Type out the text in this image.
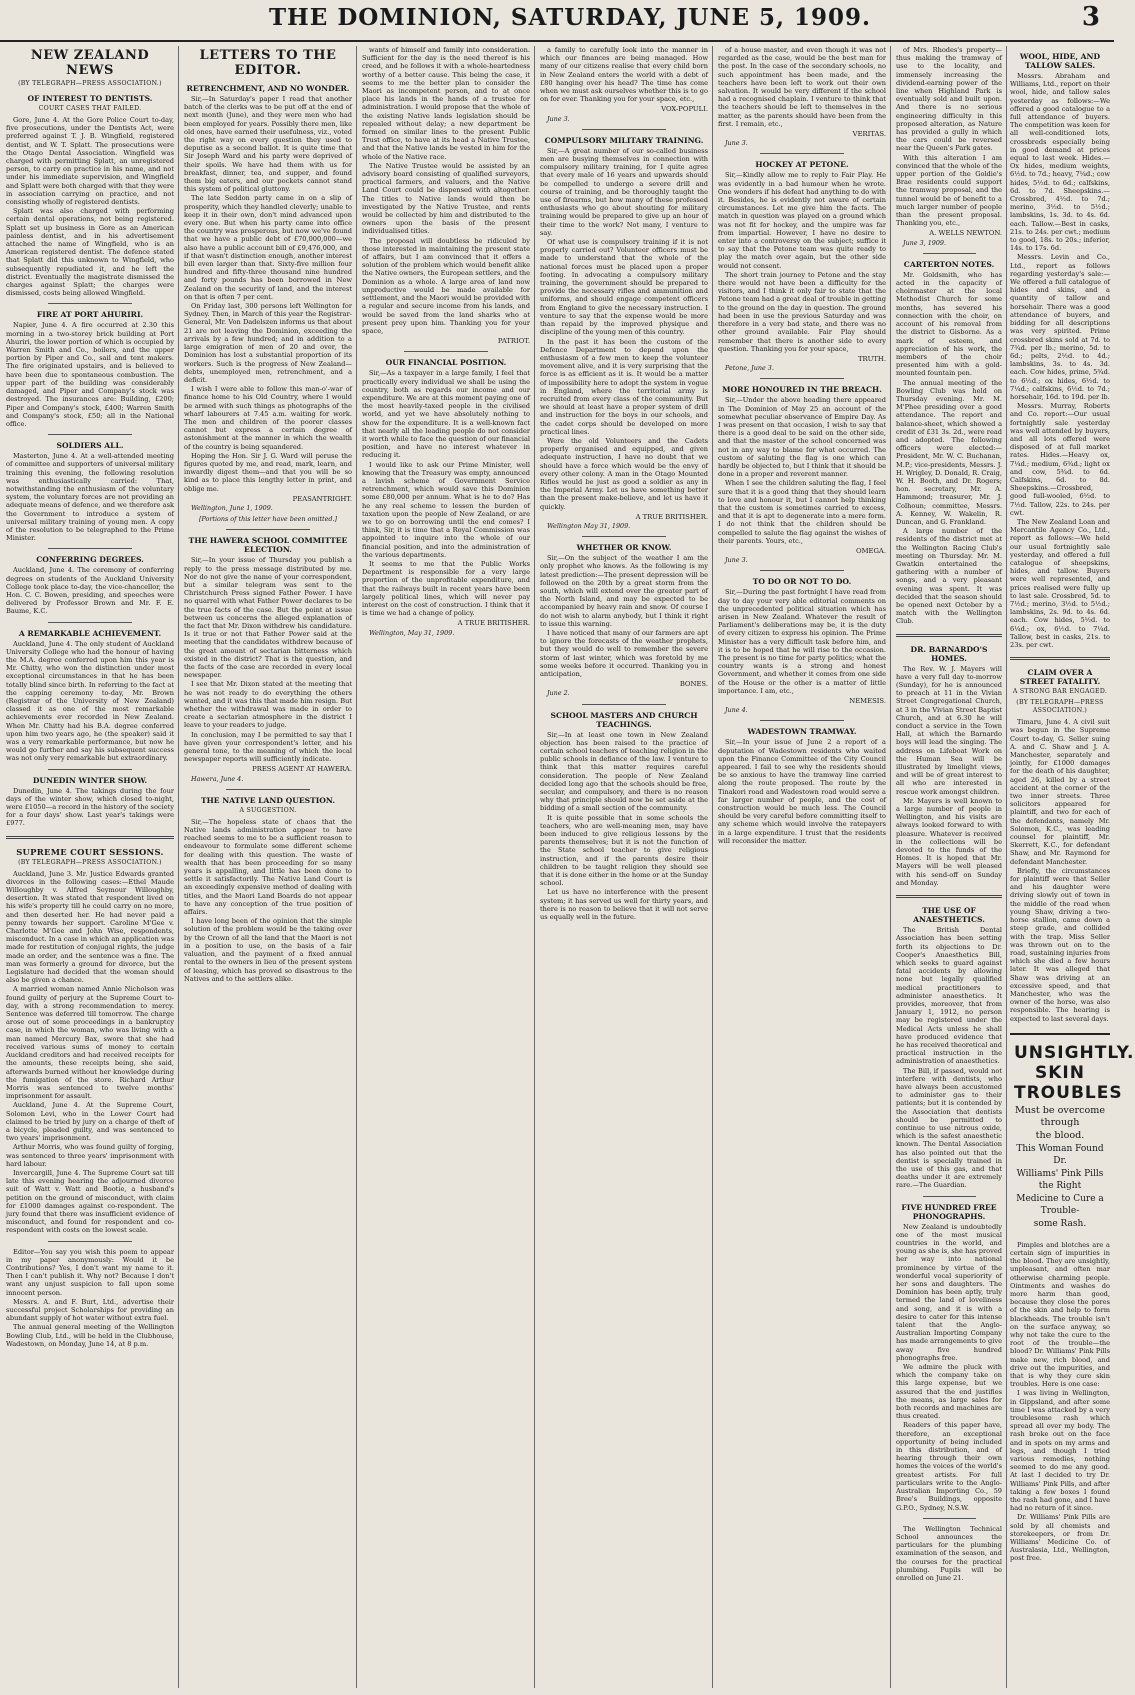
THE DOMINION, SATURDAY, JUNE 5, 1909.	3
NEW ZEALAND NEWS
(BY TELEGRAPH—PRESS ASSOCIATION.)
OF INTEREST TO DENTISTS.
COURT CASES THAT FAILED.

Gore, June 4. At the Gore Police Court to-day, five prosecutions, under the Dentists Act, were preferred against T. J. B. Wingfield, registered dentist, and W. T. Splatt. The prosecutions were the Otago Dental Association. Wingfield was charged with permitting Splatt, an unregistered person, to carry on practice in his name, and not under his immediate supervision, and Wingfield and Splatt were both charged with that they were in association carrying on practice, and not consisting wholly of registered dentists.

Splatt was also charged with performing certain dental operations, not being registered. Splatt set up business in Gore as an American painless dentist, and in his advertisement attached the name of Wingfield, who is an American registered dentist. The defence stated that Splatt did this unknown to Wingfield, who subsequently repudiated it, and he left the district. Eventually the magistrate dismissed the charges against Splatt; the charges were dismissed, costs being allowed Wingfield.

FIRE AT PORT AHURIRI.

Napier, June 4. A fire occurred at 2.30 this morning in a two-storey brick building at Port Ahuriri, the lower portion of which is occupied by Warren Smith and Co., boilers, and the upper portion by Piper and Co., sail and tent makers. The fire originated upstairs, and is believed to have been due to spontaneous combustion. The upper part of the building was considerably damaged, and Piper and Company's stock was destroyed. The insurances are: Building, £200; Piper and Company's stock, £400; Warren Smith and Company's stock, £50; all in the National office.

SOLDIERS ALL.

Masterton, June 4. At a well-attended meeting of committee and supporters of universal military training this evening, the following resolution was enthusiastically carried: That, notwithstanding the enthusiasm of the voluntary system, the voluntary forces are not providing an adequate means of defence, and we therefore ask the Government to introduce a system of universal military training of young men. A copy of the resolution to be telegraphed to the Prime Minister.

CONFERRING DEGREES.

Auckland, June 4. The ceremony of conferring degrees on students of the Auckland University College took place to-day, the vice-chancellor, the Hon. C. C. Bowen, presiding, and speeches were delivered by Professor Brown and Mr. F. E. Baume, K.C.

A REMARKABLE ACHIEVEMENT.

Auckland, June 4. The only student of Auckland University College who had the honour of having the M.A. degree conferred upon him this year is Mr. Chitty, who won the distinction under most exceptional circumstances in that he has been totally blind since birth. In referring to the fact at the capping ceremony to-day, Mr. Brown (Registrar of the University of New Zealand) classed it as one of the most remarkable achievements ever recorded in New Zealand. When Mr. Chitty had his B.A. degree conferred upon him two years ago, he (the speaker) said it was a very remarkable performance, but now he would go further and say his subsequent success was not only very remarkable but extraordinary.

DUNEDIN WINTER SHOW.

Dunedin, June 4. The takings during the four days of the winter show, which closed to-night, were £1050—a record in the history of the society for a four days' show. Last year's takings were £977.

SUPREME COURT SESSIONS.
(BY TELEGRAPH—PRESS ASSOCIATION.)

Auckland, June 3. Mr. Justice Edwards granted divorces in the following cases:—Ethel Maude Willoughby v. Alfred Seymour Willoughby, desertion. It was stated that respondent lived on his wife's property till he could carry on no more, and then deserted her. He had never paid a penny towards her support. Caroline M'Gee v. Charlotte M'Gee and John Wise, respondents, misconduct. In a case in which an application was made for restitution of conjugal rights, the judge made an order, and the sentence was a fine. The man was formerly a ground for divorce, but the Legislature had decided that the woman should also be given a chance.

A married woman named Annie Nicholson was found guilty of perjury at the Supreme Court to-day, with a strong recommendation to mercy. Sentence was deferred till tomorrow. The charge arose out of some proceedings in a bankruptcy case, in which the woman, who was living with a man named Mercury Bax, swore that she had received various sums of money to certain Auckland creditors and had received receipts for the amounts, these receipts being, she said, afterwards burned without her knowledge during the fumigation of the store. Richard Arthur Morris was sentenced to twelve months' imprisonment for assault.

Auckland, June 4. At the Supreme Court, Solomon Levi, who in the Lower Court had claimed to be tried by jury on a charge of theft of a bicycle, pleaded guilty, and was sentenced to two years' imprisonment.

Arthur Morris, who was found guilty of forging, was sentenced to three years' imprisonment with hard labour.

Invercargill, June 4. The Supreme Court sat till late this evening hearing the adjourned divorce suit of Watt v. Watt and Bootie, a husband's petition on the ground of misconduct, with claim for £1000 damages against co-respondent. The jury found that there was insufficient evidence of misconduct, and found for respondent and co-respondent with costs on the lowest scale.

Editor—You say you wish this poem to appear in my paper anonymously: Would it be Contributions? Yes, I don't want my name to it. Then I can't publish it. Why not? Because I don't want any unjust suspicion to fall upon some innocent person.

Messrs. A. and F. Burt, Ltd., advertise their successful project Scholarships for providing an abundant supply of hot water without extra fuel.

The annual general meeting of the Wellington Bowling Club, Ltd., will be held in the Clubhouse, Wadestown, on Monday, June 14, at 8 p.m.

LETTERS TO THE EDITOR.
RETRENCHMENT, AND NO WONDER.

Sir,—In Saturday's paper I read that another batch of the clerks was to be put off at the end of next month (June), and they were men who had been employed for years. Possibly there men, like old ones, have earned their usefulness, viz., voted the right way on every question they used to deputise as a second ballot. It is quite time that Sir Joseph Ward and his party were deprived of their spoils. We have had them with us for breakfast, dinner, tea, and supper, and found them big eaters, and our pockets cannot stand this system of political gluttony.

The late Seddon party came in on a slip of prosperity, which they handled cleverly; unable to keep it in their own, don't mind advanced upon every one. But when his party came into office the country was prosperous, but now we've found that we have a public debt of £70,000,000—we also have a public account bill of £9,476,000, and if that wasn't distinction enough, another interest bill even larger than that. Sixty-five million four hundred and fifty-three thousand nine hundred and forty pounds has been borrowed in New Zealand on the security of land, and the interest on that is often 7 per cent.

On Friday last, 300 persons left Wellington for Sydney. Then, in March of this year the Registrar-General, Mr. Von Dadelszen informs us that about 21 are not leaving the Dominion, exceeding the arrivals by a few hundred; and in addition to a large emigration of men of 20 and over, the Dominion has lost a substantial proportion of its workers. Such is the progress of New Zealand—debts, unemployed men, retrenchment, and a deficit.

I wish I were able to follow this man-o'-war of finance home to his Old Country, where I would be armed with such things as photographs of the wharf labourers at 7.45 a.m. waiting for work. The men and children of the poorer classes cannot but express a certain degree of astonishment at the manner in which the wealth of the country is being squandered.

Hoping the Hon. Sir J. G. Ward will peruse the figures quoted by me, and read, mark, learn, and inwardly digest them—and that you will be so kind as to place this lengthy letter in print, and oblige me.

PEASANTRIGHT.
Wellington, June 1, 1909.
[Portions of this letter have been omitted.]
THE HAWERA SCHOOL COMMITTEE ELECTION.

Sir,—In your issue of Thursday you publish a reply to the press message distributed by me. Nor do not give the name of your correspondent, but a similar telegram was sent to the Christchurch Press signed Father Power. I have no quarrel with what Father Power declares to be the true facts of the case. But the point at issue between us concerns the alleged explanation of the fact that Mr. Dixon withdrew his candidature. Is it true or not that Father Power said at the meeting that the candidates withdrew because of the great amount of sectarian bitterness which existed in the district? That is the question, and the facts of the case are recorded in every local newspaper.

I see that Mr. Dixon stated at the meeting that he was not ready to do everything the others wanted, and it was this that made him resign. But whether the withdrawal was made in order to create a sectarian atmosphere in the district I leave to your readers to judge.

In conclusion, may I be permitted to say that I have given your correspondent's letter, and his general tone, to the meaning of which the local newspaper reports will sufficiently indicate.

PRESS AGENT AT HAWERA.
Hawera, June 4.
THE NATIVE LAND QUESTION.
A SUGGESTION.

Sir,—The hopeless state of chaos that the Native lands administration appear to have reached seems to me to be a sufficient reason to endeavour to formulate some different scheme for dealing with this question. The waste of wealth that has been proceeding for so many years is appalling, and little has been done to settle it satisfactorily. The Native Land Court is an exceedingly expensive method of dealing with titles, and the Maori Land Boards do not appear to have any conception of the true position of affairs.

I have long been of the opinion that the simple solution of the problem would be the taking over by the Crown of all the land that the Maori is not in a position to use, on the basis of a fair valuation, and the payment of a fixed annual rental to the owners in lieu of the present system of leasing, which has proved so disastrous to the Natives and to the settlers alike.

wants of himself and family into consideration. Sufficient for the day is the need thereof is his creed, and he follows it with a whole-heartedness worthy of a better cause. This being the case, it seems to me the better plan to consider the Maori as incompetent person, and to at once place his lands in the hands of a trustee for administration. I would propose that the whole of the existing Native lands legislation should be repealed without delay; a new department be formed on similar lines to the present Public Trust office, to have at its head a Native Trustee, and that the Native lands be vested in him for the whole of the Native race.

The Native Trustee would be assisted by an advisory board consisting of qualified surveyors, practical farmers, and valuers, and the Native Land Court could be dispensed with altogether. The titles to Native lands would then be investigated by the Native Trustee, and rents would be collected by him and distributed to the owners upon the basis of the present individualised titles.

The proposal will doubtless be ridiculed by those interested in maintaining the present state of affairs, but I am convinced that it offers a solution of the problem which would benefit alike the Native owners, the European settlers, and the Dominion as a whole. A large area of land now unproductive would be made available for settlement, and the Maori would be provided with a regular and secure income from his lands, and would be saved from the land sharks who at present prey upon him. Thanking you for your space,

PATRIOT.
OUR FINANCIAL POSITION.

Sir,—As a taxpayer in a large family, I feel that practically every individual we shall be using the country, both as regards our income and our expenditure. We are at this moment paying one of the most heavily-taxed people in the civilised world, and yet we have absolutely nothing to show for the expenditure. It is a well-known fact that nearly all the leading people do not consider it worth while to face the question of our financial position, and have no interest whatever in reducing it.

I would like to ask our Prime Minister, well knowing that the Treasury was empty, announced a lavish scheme of Government Service retrenchment, which would save this Dominion some £80,000 per annum. What is he to do? Has he any real scheme to lessen the burden of taxation upon the people of New Zealand, or are we to go on borrowing until the end comes? I think, Sir, it is time that a Royal Commission was appointed to inquire into the whole of our financial position, and into the administration of the various departments.

It seems to me that the Public Works Department is responsible for a very large proportion of the unprofitable expenditure, and that the railways built in recent years have been largely political lines, which will never pay interest on the cost of construction. I think that it is time we had a change of policy.

A TRUE BRITISHER.
Wellington, May 31, 1909.

a family to carefully look into the manner in which our finances are being managed. How many of our citizens realise that every child born in New Zealand enters the world with a debt of £80 hanging over his head? The time has come when we must ask ourselves whether this is to go on for ever. Thanking you for your space, etc.,

VOX-POPULI.
June 3.
COMPULSORY MILITARY TRAINING.

Sir,—A great number of our so-called business men are busying themselves in connection with compulsory military training, for I quite agree that every male of 16 years and upwards should be compelled to undergo a severe drill and course of training, and be thoroughly taught the use of firearms, but how many of these professed enthusiasts who go about shouting for military training would be prepared to give up an hour of their time to the work? Not many, I venture to say.

Of what use is compulsory training if it is not properly carried out? Volunteer officers must be made to understand that the whole of the national forces must be placed upon a proper footing. In advocating a compulsory military training, the government should be prepared to provide the necessary rifles and ammunition and uniforms, and should engage competent officers from England to give the necessary instruction. I venture to say that the expense would be more than repaid by the improved physique and discipline of the young men of this country.

In the past it has been the custom of the Defence Department to depend upon the enthusiasm of a few men to keep the volunteer movement alive, and it is very surprising that the force is as efficient as it is. It would be a matter of impossibility here to adopt the system in vogue in England, where the territorial army is recruited from every class of the community. But we should at least have a proper system of drill and instruction for the boys in our schools, and the cadet corps should be developed on more practical lines.

Were the old Volunteers and the Cadets properly organised and equipped, and given adequate instruction, I have no doubt that we should have a force which would be the envy of every other colony. A man in the Otago Mounted Rifles would be just as good a soldier as any in the Imperial Army. Let us have something better than the present make-believe, and let us have it quickly.

A TRUE BRITISHER.
Wellington May 31, 1909.
WHETHER OR KNOW.

Sir,—On the subject of the weather I am the only prophet who knows. As the following is my latest prediction:—The present depression will be followed on the 20th by a great storm from the south, which will extend over the greater part of the North Island, and may be expected to be accompanied by heavy rain and snow. Of course I do not wish to alarm anybody, but I think it right to issue this warning.

I have noticed that many of our farmers are apt to ignore the forecasts of the weather prophets, but they would do well to remember the severe storm of last winter, which was foretold by me some weeks before it occurred. Thanking you in anticipation,

BONES.
June 2.
SCHOOL MASTERS AND CHURCH TEACHINGS.

Sir,—In at least one town in New Zealand objection has been raised to the practice of certain school teachers of teaching religion in the public schools in defiance of the law. I venture to think that this matter requires careful consideration. The people of New Zealand decided long ago that the schools should be free, secular, and compulsory, and there is no reason why that principle should now be set aside at the bidding of a small section of the community.

It is quite possible that in some schools the teachers, who are well-meaning men, may have been induced to give religious lessons by the parents themselves; but it is not the function of the State school teacher to give religious instruction, and if the parents desire their children to be taught religion they should see that it is done either in the home or at the Sunday school.

Let us have no interference with the present system; it has served us well for thirty years, and there is no reason to believe that it will not serve us equally well in the future.

of a house master, and even though it was not regarded as the case, would be the best man for the post. In the case of the secondary schools, no such appointment has been made, and the teachers have been left to work out their own salvation. It would be very different if the school had a recognised chaplain. I venture to think that the teachers should be left to themselves in the matter, as the parents should have been from the first. I remain, etc.,

VERITAS.
June 3.
HOCKEY AT PETONE.

Sir,—Kindly allow me to reply to Fair Play. He was evidently in a bad humour when he wrote. One wonders if his defeat had anything to do with it. Besides, he is evidently not aware of certain circumstances. Let me give him the facts. The match in question was played on a ground which was not fit for hockey, and the umpire was far from impartial. However, I have no desire to enter into a controversy on the subject; suffice it to say that the Petone team was quite ready to play the match over again, but the other side would not consent.

The short train journey to Petone and the stay there would not have been a difficulty for the visitors, and I think it only fair to state that the Petone team had a great deal of trouble in getting to the ground on the day in question. The ground had been in use the previous Saturday and was therefore in a very bad state, and there was no other ground available. Fair Play should remember that there is another side to every question. Thanking you for your space,

TRUTH.
Petone, June 3.
MORE HONOURED IN THE BREACH.

Sir,—Under the above heading there appeared in The Dominion of May 25 an account of the somewhat peculiar observance of Empire Day. As I was present on that occasion, I wish to say that there is a good deal to be said on the other side, and that the master of the school concerned was not in any way to blame for what occurred. The custom of saluting the flag is one which can hardly be objected to, but I think that it should be done in a proper and reverent manner.

When I see the children saluting the flag, I feel sure that it is a good thing that they should learn to love and honour it, but I cannot help thinking that the custom is sometimes carried to excess, and that it is apt to degenerate into a mere form. I do not think that the children should be compelled to salute the flag against the wishes of their parents. Yours, etc.,

OMEGA.
June 3.
TO DO OR NOT TO DO.

Sir,—During the past fortnight I have read from day to day your very able editorial comments on the unprecedented political situation which has arisen in New Zealand. Whatever the result of Parliament's deliberations may be, it is the duty of every citizen to express his opinion. The Prime Minister has a very difficult task before him, and it is to be hoped that he will rise to the occasion. The present is no time for party politics; what the country wants is a strong and honest Government, and whether it comes from one side of the House or the other is a matter of little importance. I am, etc.,

NEMESIS.
June 4.
WADESTOWN TRAMWAY.

Sir,—In your issue of June 2 a report of a deputation of Wadestown residents who waited upon the Finance Committee of the City Council appeared. I fail to see why the residents should be so anxious to have the tramway line carried along the route proposed. The route by the Tinakori road and Wadestown road would serve a far larger number of people, and the cost of construction would be much less. The Council should be very careful before committing itself to any scheme which would involve the ratepayers in a large expenditure. I trust that the residents will reconsider the matter.

of Mrs. Rhodes's property—thus making the tramway of use to the locality, and immensely increasing the dividend-earning power of the line when Highland Park is eventually sold and built upon. And there is no serious engineering difficulty in this proposed alteration, as Nature has provided a gully in which the cars could be reversed near the Queen's Park gates.

With this alteration I am convinced that the whole of the upper portion of the Goldie's Brae residents could support the tramway proposal, and the tunnel would be of benefit to a much larger number of people than the present proposal. Thanking you, etc.,

A. WELLS NEWTON.
June 3, 1909.
CARTERTON NOTES.

Mr. Goldsmith, who has acted in the capacity of choirmaster at the local Methodist Church for some months, has severed his connection with the choir, on account of his removal from the district to Gisborne. As a mark of esteem, and appreciation of his work, the members of the choir presented him with a gold-mounted fountain pen.

The annual meeting of the Bowling Club was held on Thursday evening. Mr. M. M'Phee presiding over a good attendance. The report and balance-sheet, which showed a credit of £31 3s. 2d., were read and adopted. The following officers were elected:—President, Mr. W. C. Buchanan, M.P.; vice-presidents, Messrs. J. H. Wrigley, D. Donald, R. Craig, W. H. Booth, and Dr. Rogers; hon. secretary, Mr. A. Hammond; treasurer, Mr. J. Colhoun; committee, Messrs. A. Kenney, W. Wakelin, R. Duncan, and G. Frankland.

A large number of the residents of the district met at the Wellington Racing Club's meeting on Thursday. Mr. M. Gwatkin entertained the gathering with a number of songs, and a very pleasant evening was spent. It was decided that the season should be opened next October by a match with the Wellington Club.

DR. BARNARDO'S HOMES.

The Rev. W. J. Mayers will have a very full day to-morrow (Sunday), for he is announced to preach at 11 in the Vivian Street Congregational Church, at 3 in the Vivian Street Baptist Church, and at 6.30 he will conduct a service in the Town Hall, at which the Barnardo boys will lead the singing. The address on Lifeboat Work on the Human Sea will be illustrated by limelight views, and will be of great interest to all who are interested in rescue work amongst children.

Mr. Mayers is well known to a large number of people in Wellington, and his visits are always looked forward to with pleasure. Whatever is received in the collections will be devoted to the funds of the Homes. It is hoped that Mr. Mayers will be well pleased with his send-off on Sunday and Monday.

THE USE OF ANAESTHETICS.

The British Dental Association has been setting forth its objections to Dr. Cooper's Anaesthetics Bill, which seeks to guard against fatal accidents by allowing none but legally qualified medical practitioners to administer anaesthetics. It provides, moreover, that from January 1, 1912, no person may be registered under the Medical Acts unless he shall have produced evidence that he has received theoretical and practical instruction in the administration of anaesthetics.

The Bill, if passed, would not interfere with dentists, who have always been accustomed to administer gas to their patients; but it is contended by the Association that dentists should be permitted to continue to use nitrous oxide, which is the safest anaesthetic known. The Dental Association has also pointed out that the dentist is specially trained in the use of this gas, and that deaths under it are extremely rare.—The Guardian.

FIVE HUNDRED FREE PHONOGRAPHS.

New Zealand is undoubtedly one of the most musical countries in the world, and young as she is, she has proved her way into national prominence by virtue of the wonderful vocal superiority of her sons and daughters. The Dominion has been aptly, truly termed the land of loveliness and song, and it is with a desire to cater for this intense talent that the Anglo-Australian Importing Company has made arrangements to give away five hundred phonographs free.

We admire the pluck with which the company take on this large expense, but we assured that the end justifies the means, as large sales for both records and machines are thus created.

Readers of this paper have, therefore, an exceptional opportunity of being included in this distribution, and of hearing through their own homes the voices of the world's greatest artists. For full particulars write to the Anglo-Australian Importing Co., 59 Bree's Buildings, opposite G.P.O., Sydney, N.S.W.

The Wellington Technical School announces the particulars for the plumbing examination of the season, and the courses for the practical plumbing. Pupils will be enrolled on June 21.

WOOL, HIDE, AND TALLOW SALES.

Messrs. Abraham and Williams, Ltd., report on their wool, hide, and tallow sales yesterday as follows:—We offered a good catalogue to a full attendance of buyers. The competition was keen for all well-conditioned lots, crossbreds especially being in good demand at prices equal to last week. Hides.—Ox hides, medium weights, 6½d. to 7d.; heavy, 7¼d.; cow hides, 5½d. to 6d.; calfskins, 6d. to 7d. Sheepskins.—Crossbred, 4½d. to 7d.; merino, 3½d. to 5½d.; lambskins, 1s. 3d. to 4s. 6d. each. Tallow.—Best in casks, 21s. to 24s. per cwt.; medium to good, 18s. to 20s.; inferior, 14s. to 17s. 6d.

Messrs. Levin and Co., Ltd., report as follows regarding yesterday's sale:—We offered a full catalogue of hides and skins, and a quantity of tallow and horsehair. There was a good attendance of buyers, and bidding for all descriptions was very spirited. Prime crossbred skins sold at 7d. to 7¾d. per lb.; merino, 5d. to 6d.; pelts, 2½d. to 4d.; lambskins, 3s. to 4s. 3d. each. Cow hides, prime, 5¾d. to 6½d.; ox hides, 6½d. to 7¼d.; calfskins, 6½d. to 7d.; horsehair, 16d. to 19d. per lb.

Messrs. Murray, Roberts and Co. report:—Our usual fortnightly sale yesterday was well attended by buyers, and all lots offered were disposed of at full market rates. Hides.—Heavy ox, 7¼d.; medium, 6¾d.; light ox and cow, 5¾d. to 6d. Calfskins, 6d. to 8d. Sheepskins.—Crossbred, good full-wooled, 6½d. to 7½d. Tallow, 22s. to 24s. per cwt.

The New Zealand Loan and Mercantile Agency Co., Ltd., report as follows:—We held our usual fortnightly sale yesterday, and offered a full catalogue of sheepskins, hides, and tallow. Buyers were well represented, and prices realised were fully up to last sale. Crossbred, 5d. to 7½d.; merino, 3½d. to 5½d.; lambskins, 2s. 9d. to 4s. 6d. each. Cow hides, 5½d. to 6¼d.; ox, 6½d. to 7¼d. Tallow, best in casks, 21s. to 23s. per cwt.

CLAIM OVER A STREET FATALITY.
A STRONG BAR ENGAGED.
(BY TELEGRAPH—PRESS ASSOCIATION.)

Timaru, June 4. A civil suit was begun in the Supreme Court to-day, G. Seller suing A. and C. Shaw and J. A. Manchester, separately and jointly, for £1000 damages for the death of his daughter, aged 26, killed by a street accident at the corner of the two inner streets. Three solicitors appeared for plaintiff, and two for each of the defendants, namely Mr. Solomon, K.C., was leading counsel for plaintiff, Mr. Skerrett, K.C., for defendant Shaw, and Mr. Raymond for defendant Manchester.

Briefly, the circumstances for plaintiff were that Seller and his daughter were driving slowly out of town in the middle of the road when young Shaw, driving a two-horse stallion, came down a steep grade, and collided with the trap. Miss Seller was thrown out on to the road, sustaining injuries from which she died a few hours later. It was alleged that Shaw was driving at an excessive speed, and that Manchester, who was the owner of the horse, was also responsible. The hearing is expected to last several days.

UNSIGHTLY. SKIN TROUBLES
Must be overcome through
the blood.
This Woman Found Dr.
Williams' Pink Pills the Right
Medicine to Cure a Trouble-
some Rash.

Pimples and blotches are a certain sign of impurities in the blood. They are unsightly, unpleasant, and often mar otherwise charming people. Ointments and washes do more harm than good, because they close the pores of the skin and help to form blackheads. The trouble isn't on the surface anyway, so why not take the cure to the root of the trouble—the blood? Dr. Williams' Pink Pills make new, rich blood, and drive out the impurities, and that is why they cure skin troubles. Here is one case:

I was living in Wellington, in Gippsland, and after some time I was attacked by a very troublesome rash which spread all over my body. The rash broke out on the face and in spots on my arms and legs, and though I tried various remedies, nothing seemed to do me any good. At last I decided to try Dr. Williams' Pink Pills, and after taking a few boxes I found the rash had gone, and I have had no return of it since.

Dr. Williams' Pink Pills are sold by all chemists and storekeepers, or from Dr. Williams' Medicine Co. of Australasia, Ltd., Wellington, post free.
